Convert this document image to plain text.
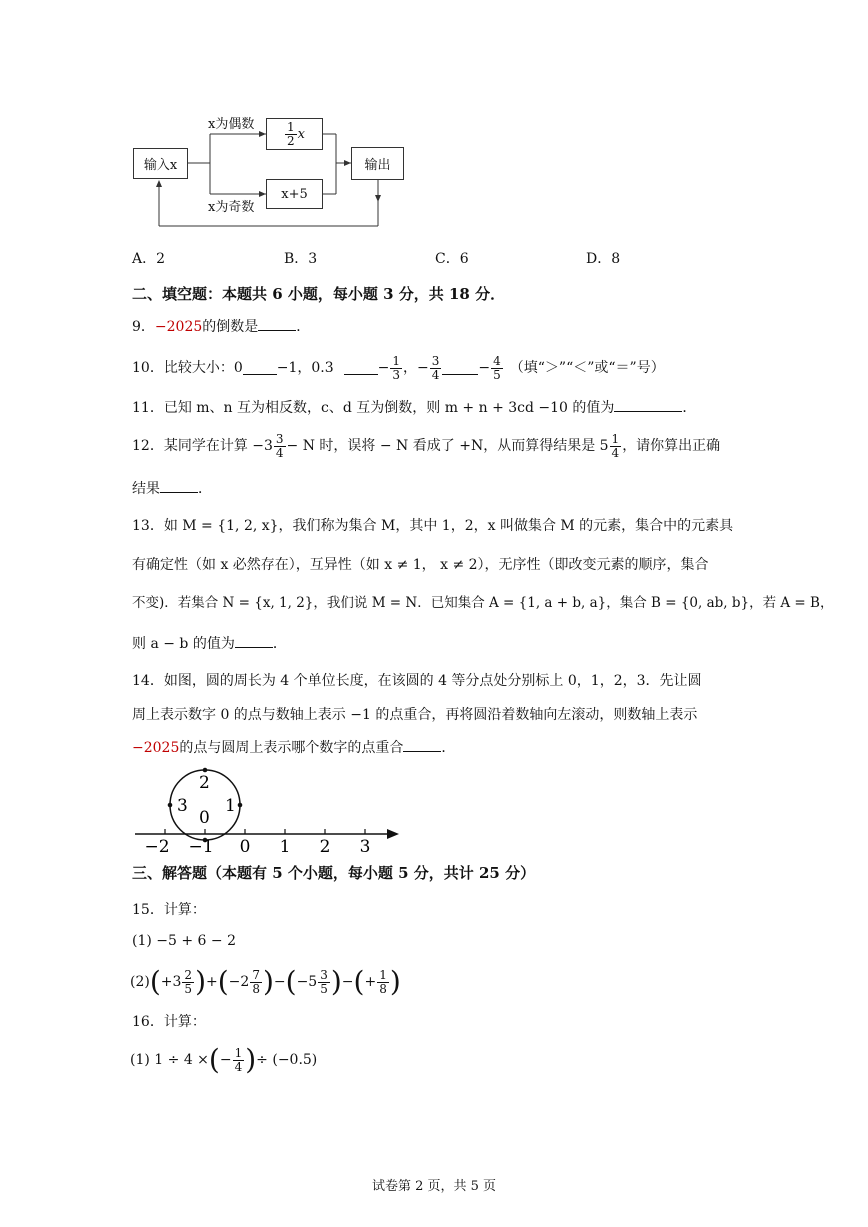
输入x
$\frac{1}{2}$ x
x+5
输出
x为偶数
x为奇数
A．2	B．3	C．6	D．8
二、填空题：本题共 6 小题，每小题 3 分，共 18 分．
9．−2025的倒数是	．
10．比较大小：0 −1，0.3	− $\frac{1}{3}$ ，− $\frac{3}{4}$	− $\frac{4}{5}$ （填“＞”“＜”或“＝”号）
11．已知 m、n 互为相反数，c、d 互为倒数，则 m + n + 3cd −10 的值为	．
12．某同学在计算 $-3 \frac{3}{4} - N$ 时，误将 − N 看成了 +N，从而算得结果是 $5 \frac{1}{4}$ ，请你算出正确
结果	．
13．如 M = {1, 2, x}，我们称为集合 M，其中 1，2，x 叫做集合 M 的元素，集合中的元素具
有确定性（如 x 必然存在），互异性（如 x ≠ 1， x ≠ 2），无序性（即改变元素的顺序，集合
不变)．若集合 N = {x, 1, 2}，我们说 M = N．已知集合 A = {1, a + b, a}，集合 B = {0, ab, b}，若 A = B，
则 a − b 的值为	．
14．如图，圆的周长为 4 个单位长度，在该圆的 4 等分点处分别标上 0，1，2，3．先让圆
周上表示数字 0 的点与数轴上表示 −1 的点重合，再将圆沿着数轴向左滚动，则数轴上表示
−2025的点与圆周上表示哪个数字的点重合	．
2
3 1
0
−2 −1 0 1 2 3
三、解答题（本题有 5 个小题，每小题 5 分，共计 25 分）
15．计算：
(1) −5 + 6 − 2
(2) ( $+3 \frac{2}{5}$ ) + ( $-2 \frac{7}{8}$ ) − ( $-5 \frac{3}{5}$ ) − ( + $\frac{1}{8}$ )
16．计算：
(1) 1 ÷ 4 × ( − $\frac{1}{4}$ ) ÷ (−0.5)
试卷第 2 页，共 5 页
